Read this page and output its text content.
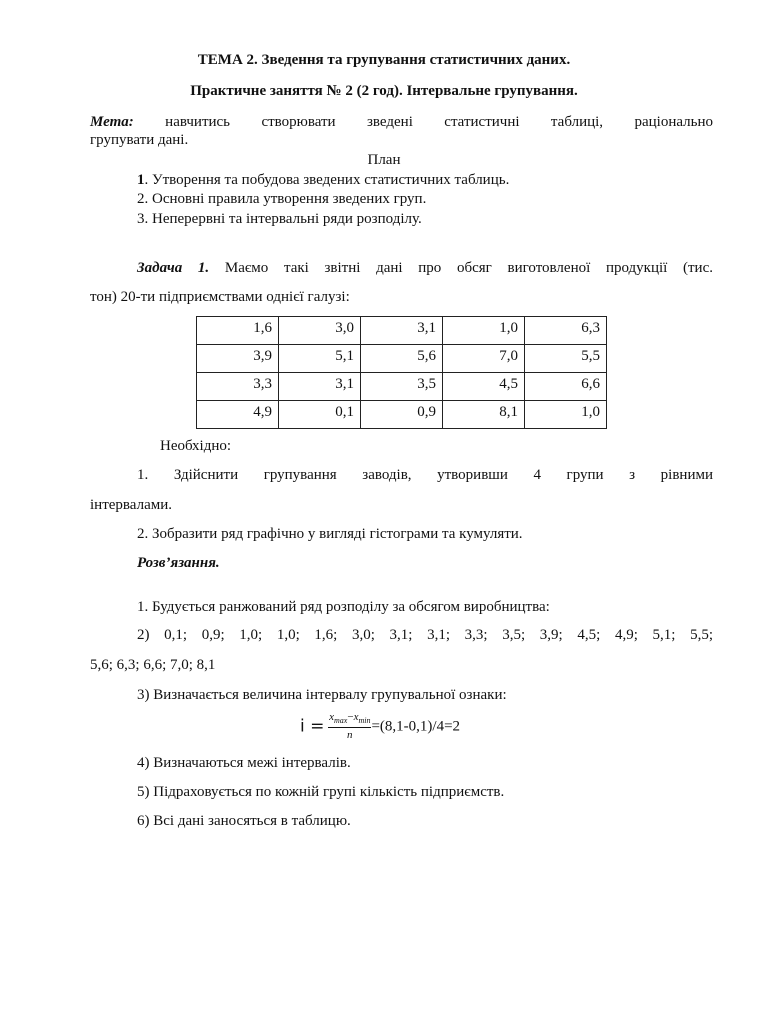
ТЕМА 2. Зведення та групування статистичних даних.
Практичне заняття № 2 (2 год). Інтервальне групування.
Мета: навчитись створювати зведені статистичні таблиці, раціонально
групувати дані.
План
1. Утворення та побудова зведених статистичних таблиць.
2. Основні правила утворення зведених груп.
3. Неперервні та інтервальні ряди розподілу.
Задача 1. Маємо такі звітні дані про обсяг виготовленої продукції (тис.
тон) 20-ти підприємствами однієї галузі:
1,6	3,0	3,1	1,0	6,3
3,9	5,1	5,6	7,0	5,5
3,3	3,1	3,5	4,5	6,6
4,9	0,1	0,9	8,1	1,0
Необхідно:
1. Здійснити групування заводів, утворивши 4 групи з рівними
інтервалами.
2. Зобразити ряд графічно у вигляді гістограми та кумуляти.
Розв’язання.
1. Будується ранжований ряд розподілу за обсягом виробництва:
2) 0,1; 0,9; 1,0; 1,0; 1,6; 3,0; 3,1; 3,1; 3,3; 3,5; 3,9; 4,5; 4,9; 5,1; 5,5;
5,6; 6,3; 6,6; 7,0; 8,1
3) Визначається величина інтервалу групувальної ознаки:
$i = \frac{x_{max}-x_{min}}{n} =(8,1-0,1)/4=2$
4) Визначаються межі інтервалів.
5) Підраховується по кожній групі кількість підприємств.
6) Всі дані заносяться в таблицю.
